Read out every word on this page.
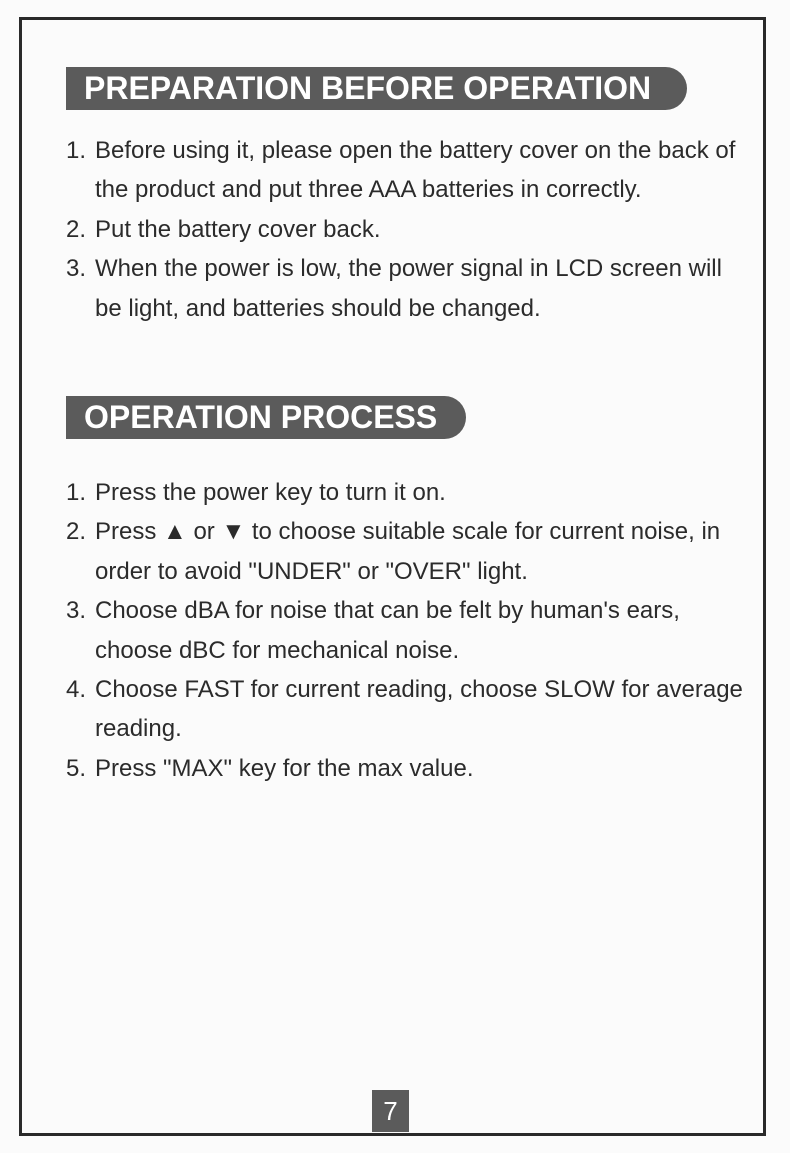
PREPARATION BEFORE OPERATION
1. Before using it, please open the battery cover on the back of the product and put three AAA batteries in correctly.
2. Put the battery cover back.
3. When the power is low, the power signal in LCD screen will be light, and batteries should be changed.
OPERATION PROCESS
1. Press the power key to turn it on.
2. Press ▲ or ▼ to choose suitable scale for current noise, in order to avoid "UNDER" or "OVER" light.
3. Choose dBA for noise that can be felt by human's ears, choose dBC for mechanical noise.
4. Choose FAST for current reading, choose SLOW for average reading.
5. Press "MAX" key for the max value.
7
